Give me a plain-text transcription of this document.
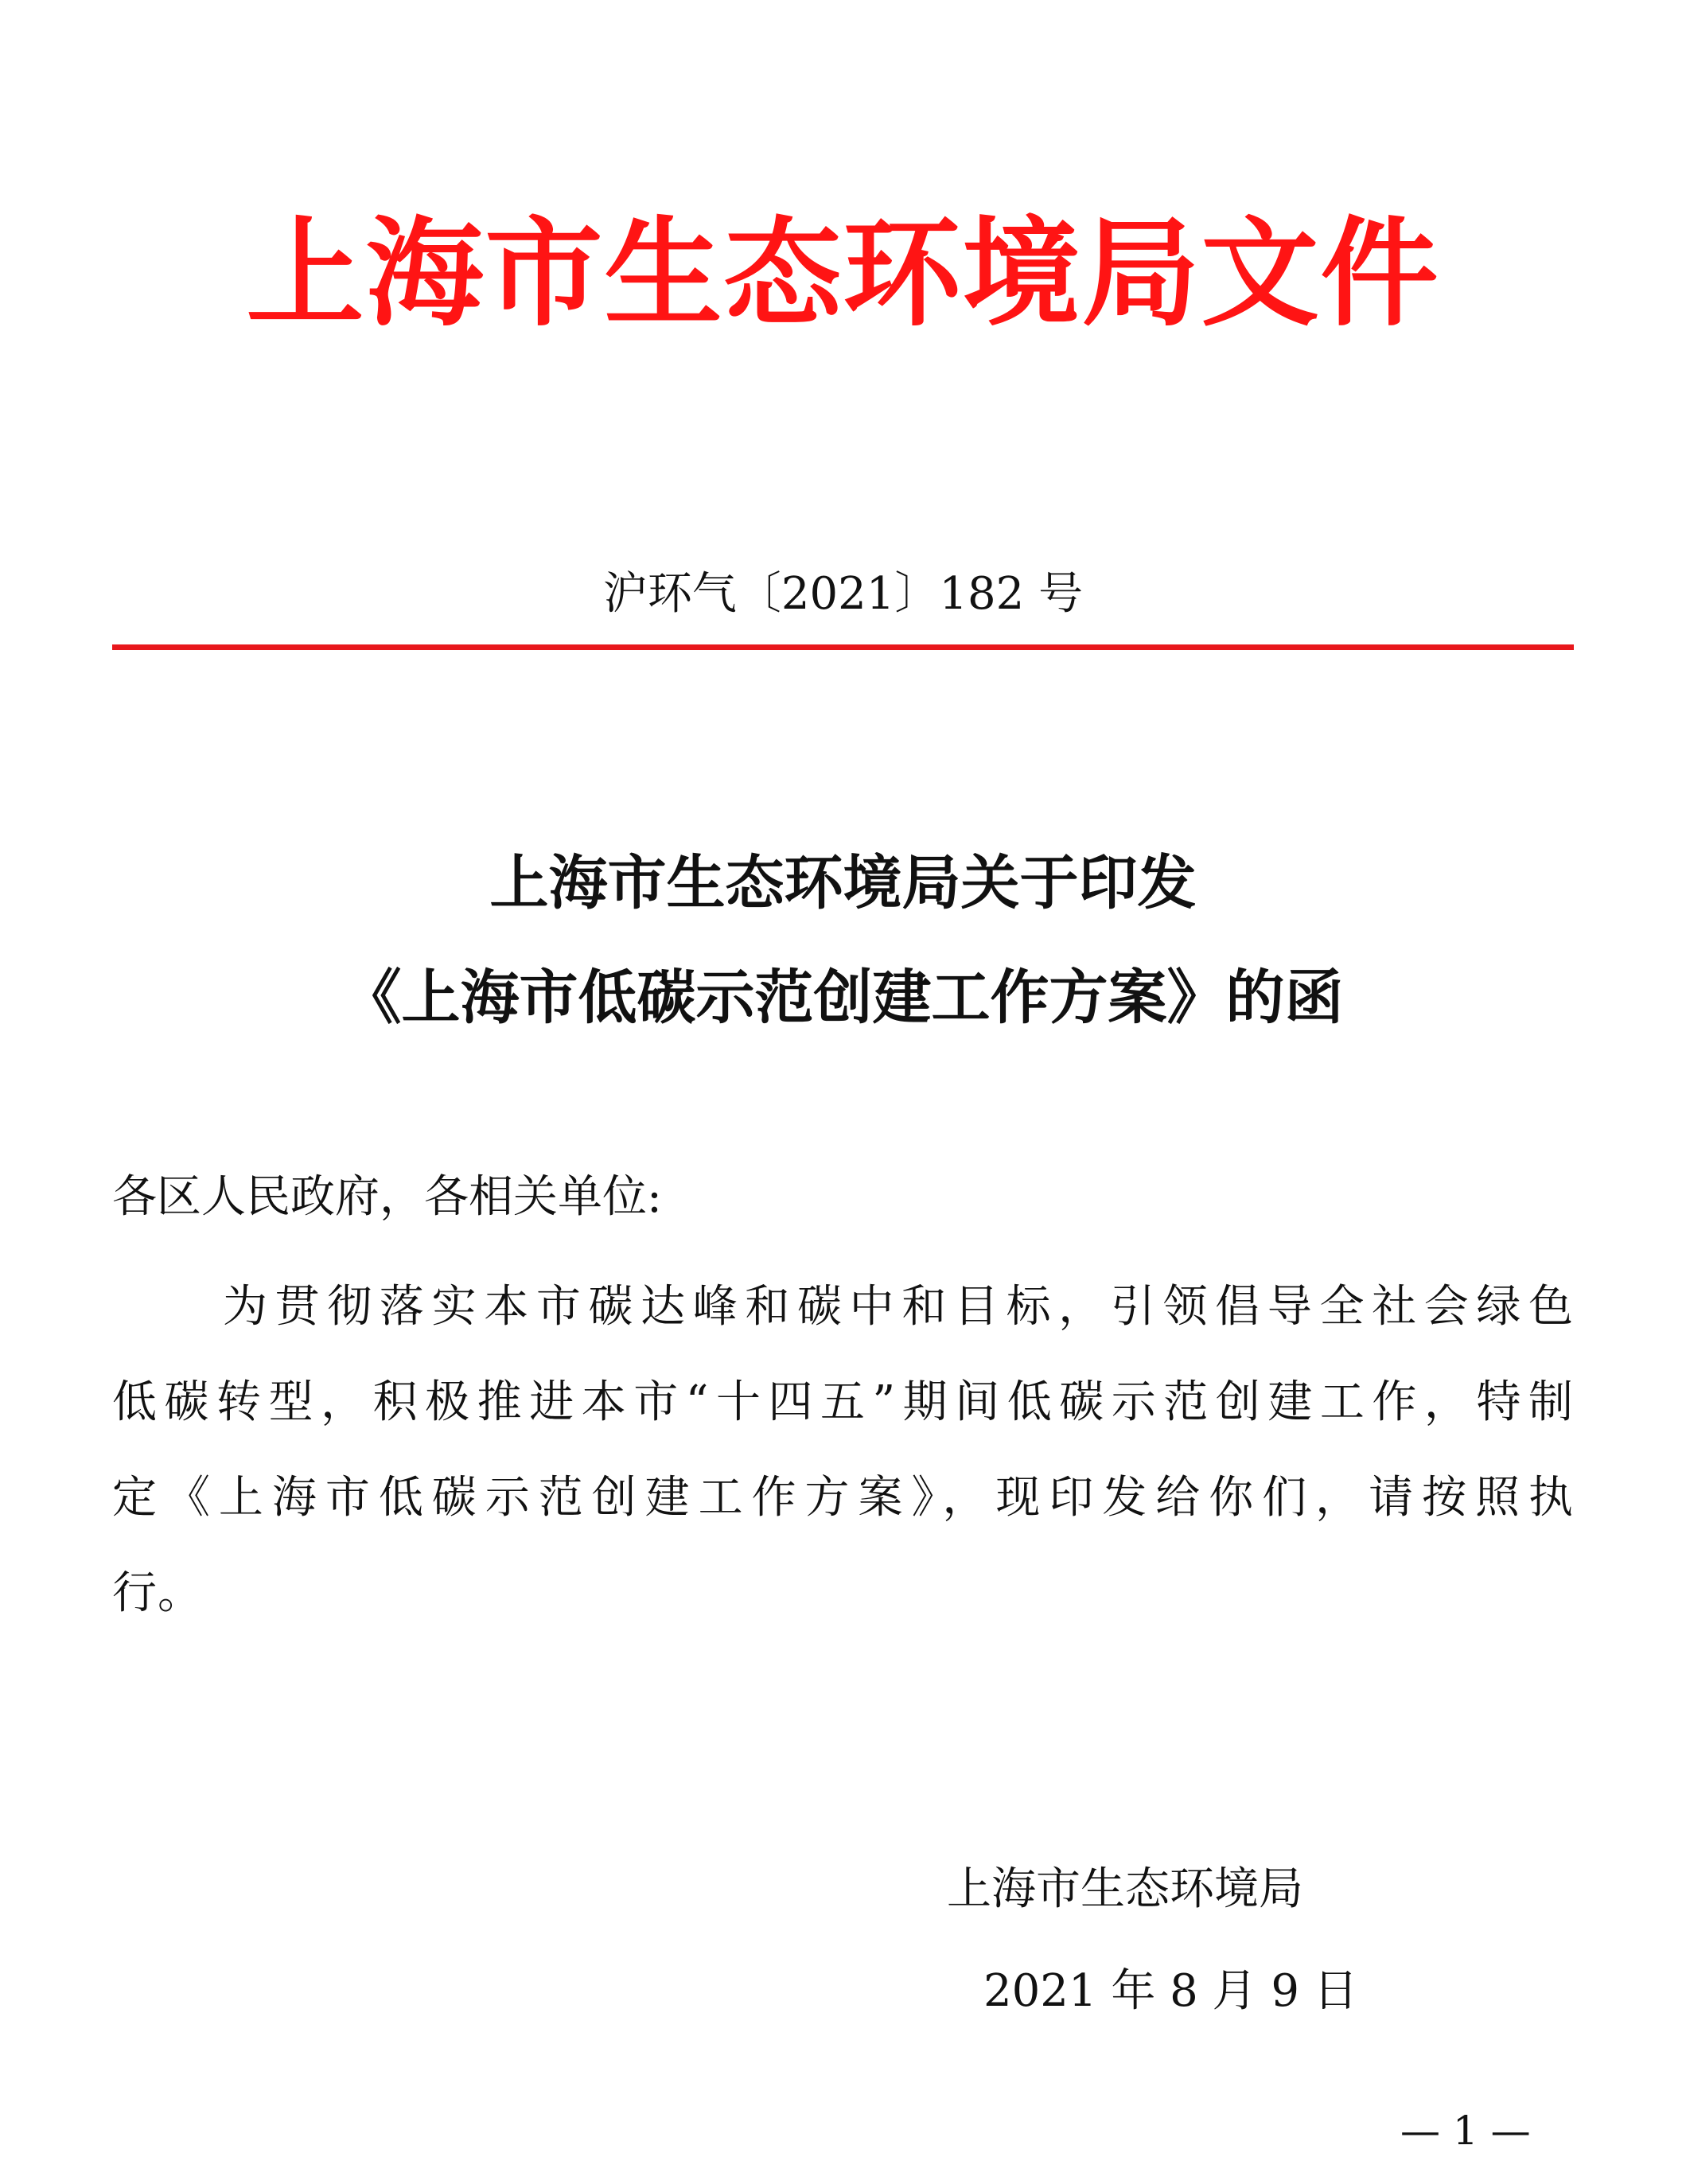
上海市生态环境局文件
沪环气〔2021〕182 号
上海市生态环境局关于印发
《上海市低碳示范创建工作方案》的函
各区人民政府，各相关单位:
为贯彻落实本市碳达峰和碳中和目标，引领倡导全社会绿色
低碳转型，积极推进本市“十四五”期间低碳示范创建工作，特制
定《上海市低碳示范创建工作方案》，现印发给你们，请按照执
行。
上海市生态环境局
2021 年 8 月 9 日
— 1 —
